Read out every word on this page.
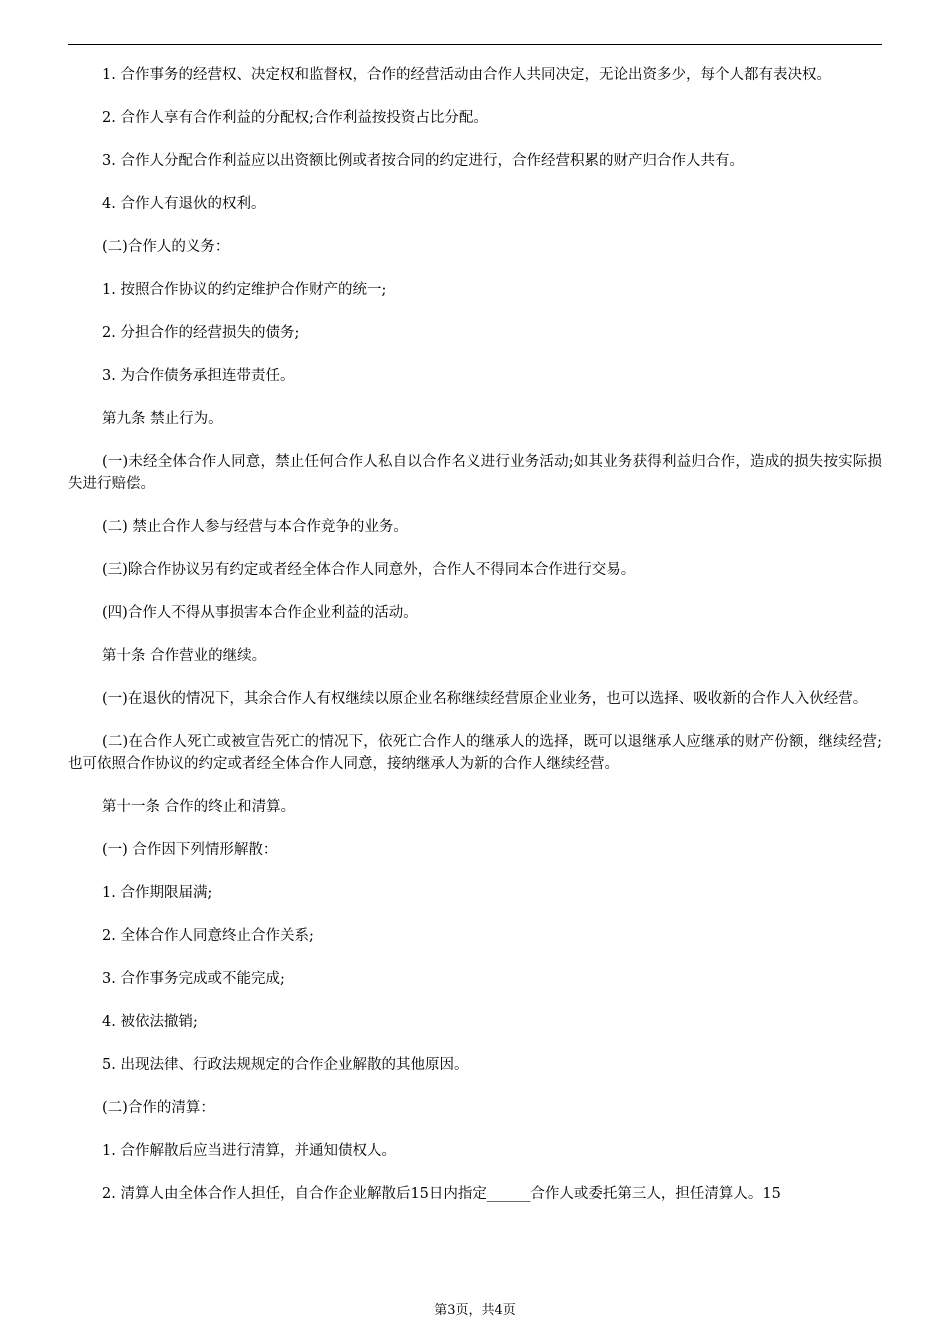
1. 合作事务的经营权、决定权和监督权，合作的经营活动由合作人共同决定，无论出资多少，每个人都有表决权。

2. 合作人享有合作利益的分配权;合作利益按投资占比分配。

3. 合作人分配合作利益应以出资额比例或者按合同的约定进行，合作经营积累的财产归合作人共有。

4. 合作人有退伙的权利。

(二)合作人的义务：

1. 按照合作协议的约定维护合作财产的统一;

2. 分担合作的经营损失的债务;

3. 为合作债务承担连带责任。

第九条 禁止行为。

(一)未经全体合作人同意，禁止任何合作人私自以合作名义进行业务活动;如其业务获得利益归合作，造成的损失按实际损失进行赔偿。

(二) 禁止合作人参与经营与本合作竞争的业务。

(三)除合作协议另有约定或者经全体合作人同意外，合作人不得同本合作进行交易。

(四)合作人不得从事损害本合作企业利益的活动。

第十条 合作营业的继续。

(一)在退伙的情况下，其余合作人有权继续以原企业名称继续经营原企业业务，也可以选择、吸收新的合作人入伙经营。

(二)在合作人死亡或被宣告死亡的情况下，依死亡合作人的继承人的选择，既可以退继承人应继承的财产份额，继续经营;也可依照合作协议的约定或者经全体合作人同意，接纳继承人为新的合作人继续经营。

第十一条 合作的终止和清算。

(一) 合作因下列情形解散：

1. 合作期限届满;

2. 全体合作人同意终止合作关系;

3. 合作事务完成或不能完成;

4. 被依法撤销;

5. 出现法律、行政法规规定的合作企业解散的其他原因。

(二)合作的清算：

1. 合作解散后应当进行清算，并通知债权人。

2. 清算人由全体合作人担任，自合作企业解散后15日内指定______合作人或委托第三人，担任清算人。15

第3页，共4页
